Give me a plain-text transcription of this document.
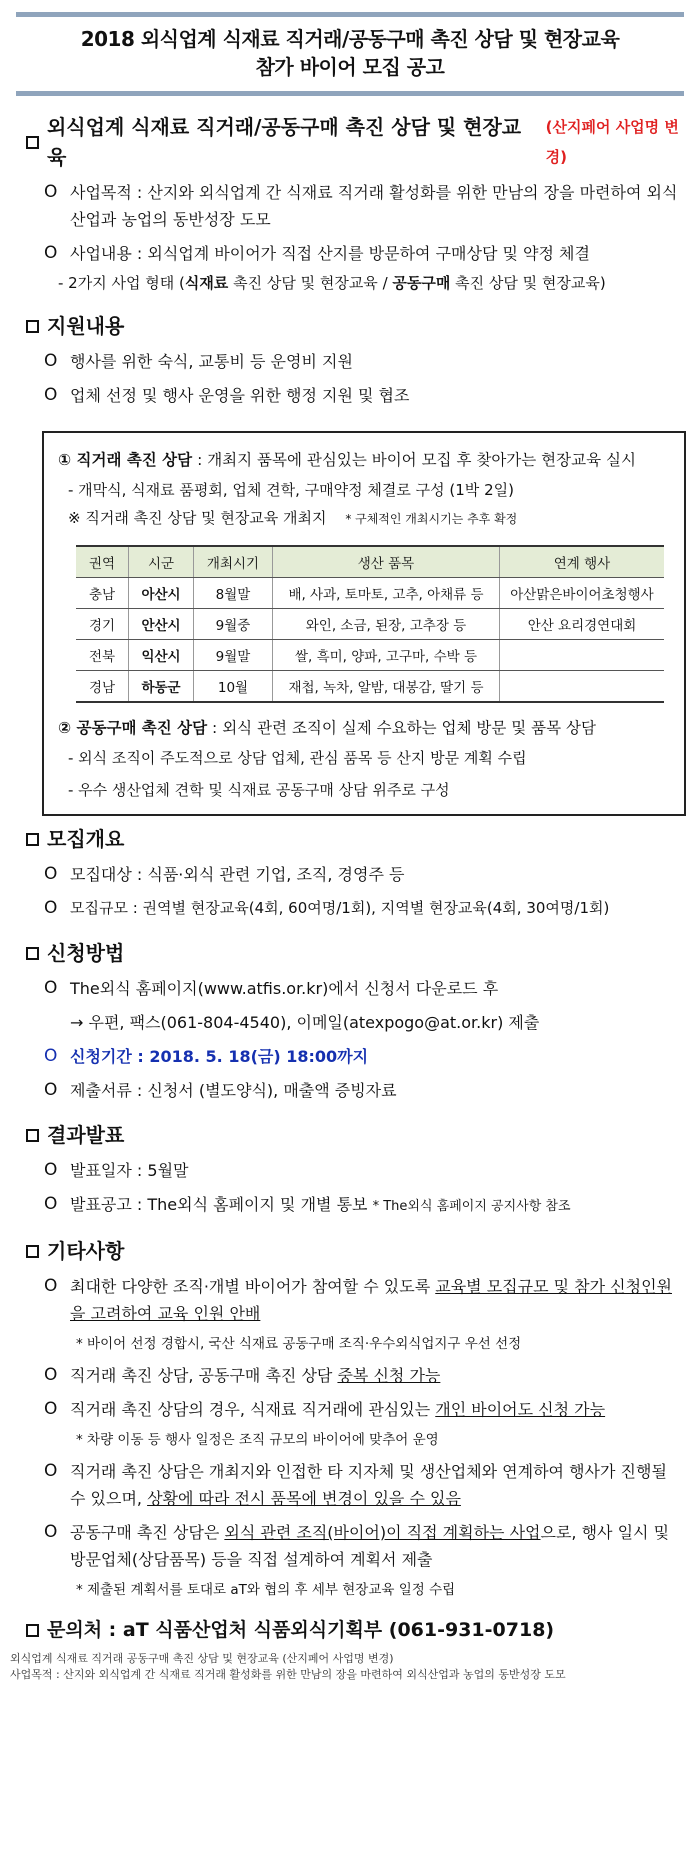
2018 외식업계 식재료 직거래/공동구매 촉진 상담 및 현장교육
참가 바이어 모집 공고
외식업계 식재료 직거래/공동구매 촉진 상담 및 현장교육
(산지페어 사업명 변경)
O 사업목적 : 산지와 외식업계 간 식재료 직거래 활성화를 위한 만남의 장을 마련하여 외식산업과 농업의 동반성장 도모
O 사업내용 : 외식업계 바이어가 직접 산지를 방문하여 구매상담 및 약정 체결
- 2가지 사업 형태 (식재료 촉진 상담 및 현장교육 / 공동구매 촉진 상담 및 현장교육)
지원내용
O 행사를 위한 숙식, 교통비 등 운영비 지원
O 업체 선정 및 행사 운영을 위한 행정 지원 및 협조
① 직거래 촉진 상담 : 개최지 품목에 관심있는 바이어 모집 후 찾아가는 현장교육 실시
- 개막식, 식재료 품평회, 업체 견학, 구매약정 체결로 구성 (1박 2일)
※ 직거래 촉진 상담 및 현장교육 개최지 * 구체적인 개최시기는 추후 확정
권역	시군	개최시기	생산 품목	연계 행사
충남	아산시	8월말	배, 사과, 토마토, 고추, 아채류 등	아산맑은바이어초청행사
경기	안산시	9월중	와인, 소금, 된장, 고추장 등	안산 요리경연대회
전북	익산시	9월말	쌀, 흑미, 양파, 고구마, 수박 등	
경남	하동군	10월	재첩, 녹차, 알밤, 대봉감, 딸기 등	
② 공동구매 촉진 상담 : 외식 관련 조직이 실제 수요하는 업체 방문 및 품목 상담
- 외식 조직이 주도적으로 상담 업체, 관심 품목 등 산지 방문 계획 수립
- 우수 생산업체 견학 및 식재료 공동구매 상담 위주로 구성
모집개요
O 모집대상 : 식품·외식 관련 기업, 조직, 경영주 등
O 모집규모 : 권역별 현장교육(4회, 60여명/1회), 지역별 현장교육(4회, 30여명/1회)
신청방법
O The외식 홈페이지(www.atfis.or.kr)에서 신청서 다운로드 후
→ 우편, 팩스(061-804-4540), 이메일(atexpogo@at.or.kr) 제출
O 신청기간 : 2018. 5. 18(금) 18:00까지
O 제출서류 : 신청서 (별도양식), 매출액 증빙자료
결과발표
O 발표일자 : 5월말
O 발표공고 : The외식 홈페이지 및 개별 통보 * The외식 홈페이지 공지사항 참조
기타사항
O 최대한 다양한 조직·개별 바이어가 참여할 수 있도록 교육별 모집규모 및 참가 신청인원을 고려하여 교육 인원 안배
* 바이어 선정 경합시, 국산 식재료 공동구매 조직·우수외식업지구 우선 선정
O 직거래 촉진 상담, 공동구매 촉진 상담 중복 신청 가능
O 직거래 촉진 상담의 경우, 식재료 직거래에 관심있는 개인 바이어도 신청 가능
* 차량 이동 등 행사 일정은 조직 규모의 바이어에 맞추어 운영
O 직거래 촉진 상담은 개최지와 인접한 타 지자체 및 생산업체와 연계하여 행사가 진행될 수 있으며, 상황에 따라 전시 품목에 변경이 있을 수 있음
O 공동구매 촉진 상담은 외식 관련 조직(바이어)이 직접 계획하는 사업으로, 행사 일시 및 방문업체(상담품목) 등을 직접 설계하여 계획서 제출
* 제출된 계획서를 토대로 aT와 협의 후 세부 현장교육 일정 수립
문의처 : aT 식품산업처 식품외식기획부 (061-931-0718)
외식업계 식재료 직거래 공동구매 촉진 상담 및 현장교육 (산지페어 사업명 변경)
사업목적 : 산지와 외식업계 간 식재료 직거래 활성화를 위한 만남의 장을 마련하여 외식산업과 농업의 동반성장 도모
